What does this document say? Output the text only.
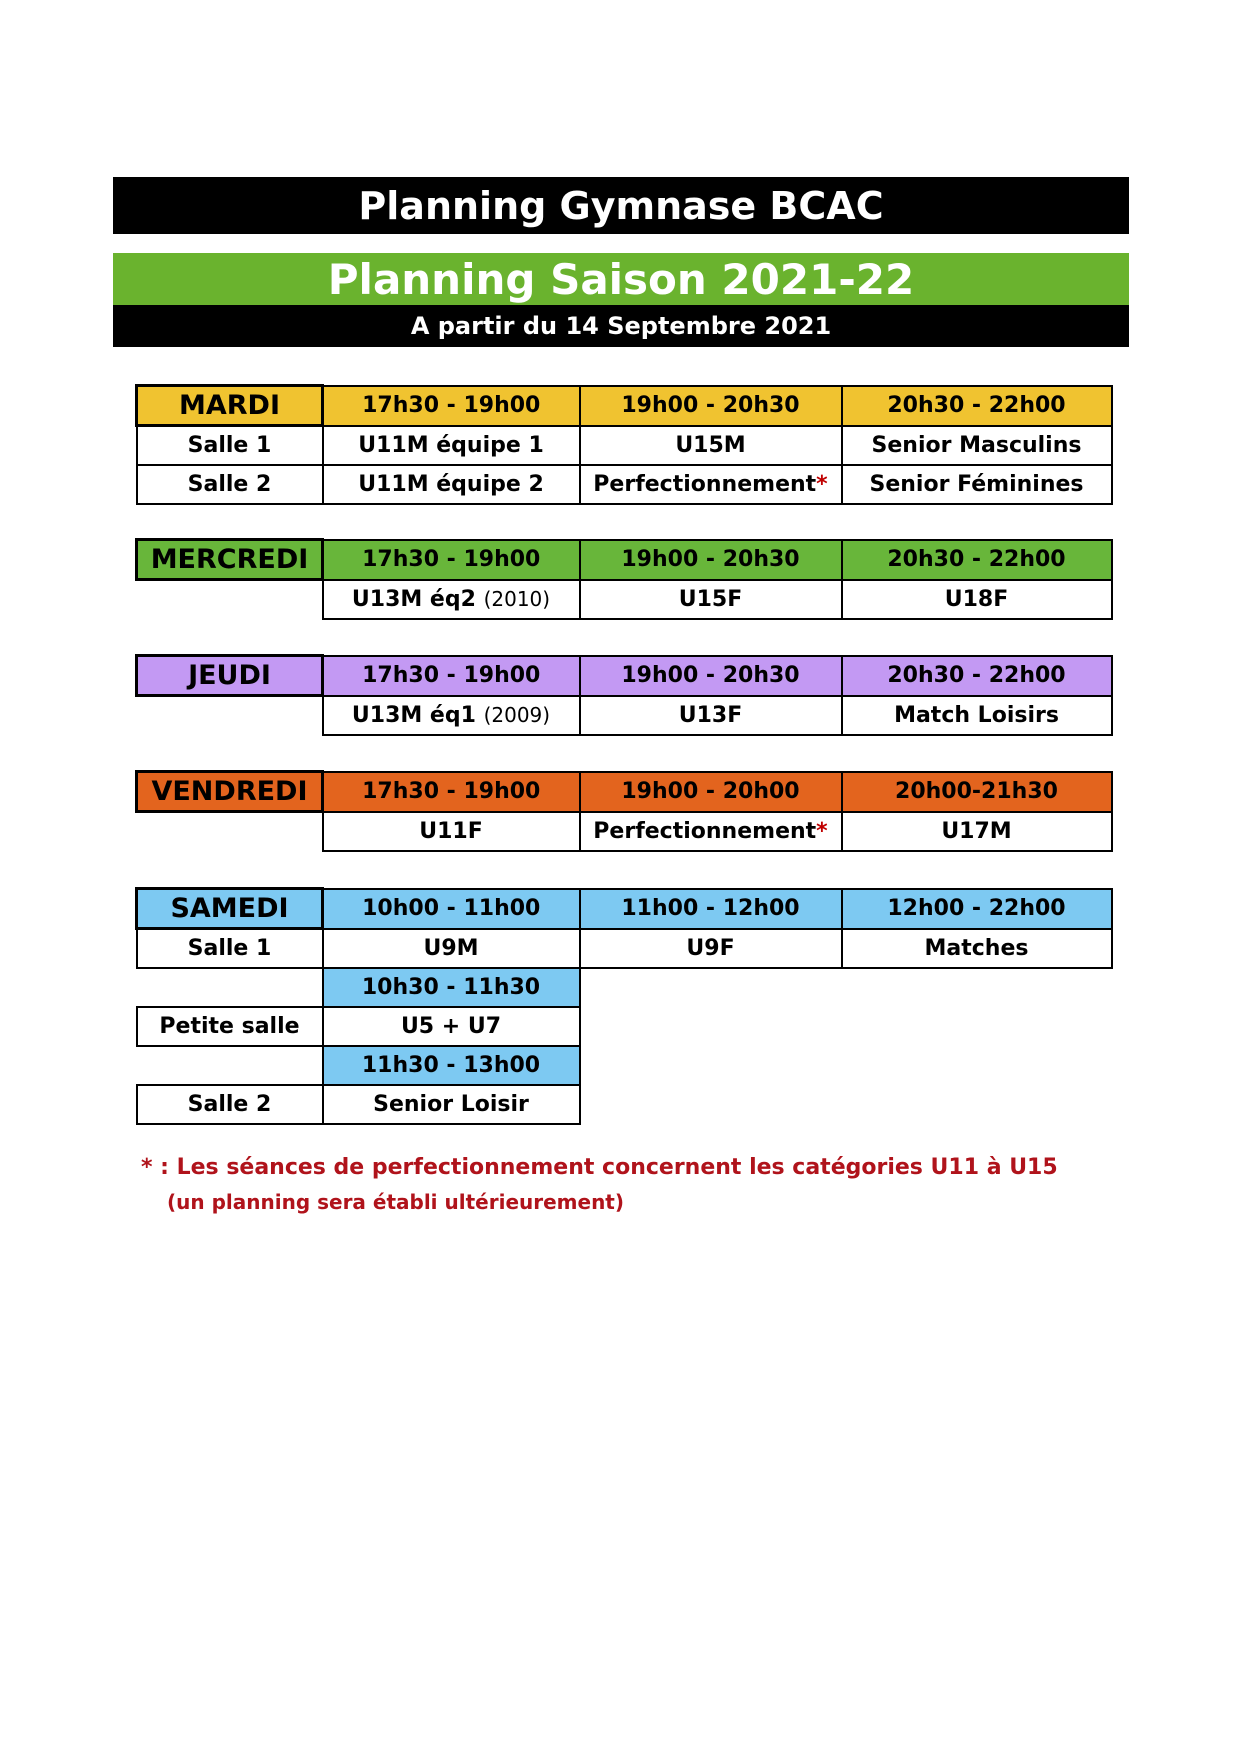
Planning Gymnase BCAC
Planning Saison 2021-22
A partir du 14 Septembre 2021
MARDI	17h30 - 19h00	19h00 - 20h30	20h30 - 22h00
Salle 1	U11M équipe 1	U15M	Senior Masculins
Salle 2	U11M équipe 2	Perfectionnement*	Senior Féminines
MERCREDI	17h30 - 19h00	19h00 - 20h30	20h30 - 22h00
	U13M éq2 (2010)	U15F	U18F
JEUDI	17h30 - 19h00	19h00 - 20h30	20h30 - 22h00
	U13M éq1 (2009)	U13F	Match Loisirs
VENDREDI	17h30 - 19h00	19h00 - 20h00	20h00-21h30
	U11F	Perfectionnement*	U17M
SAMEDI	10h00 - 11h00	11h00 - 12h00	12h00 - 22h00
Salle 1	U9M	U9F	Matches
	10h30 - 11h30		
Petite salle	U5 + U7		
	11h30 - 13h00		
Salle 2	Senior Loisir		
* : Les séances de perfectionnement concernent les catégories U11 à U15
(un planning sera établi ultérieurement)
